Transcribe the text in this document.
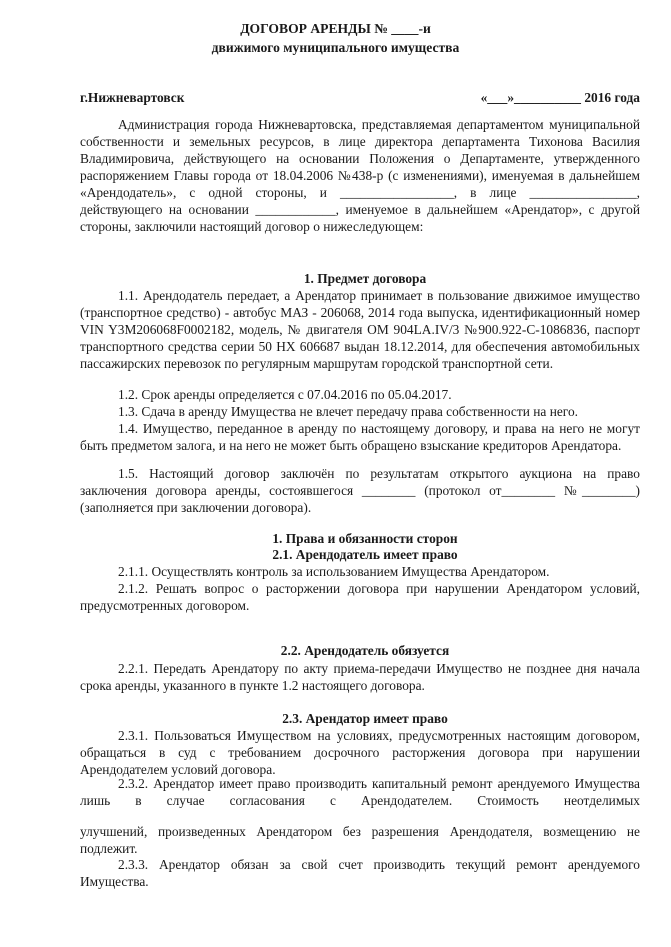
ДОГОВОР АРЕНДЫ № ____-и
движимого муниципального имущества
г.Нижневартовск	«___»__________ 2016 года
Администрация города Нижневартовска, представляемая департаментом муниципальной собственности и земельных ресурсов, в лице директора департамента Тихонова Василия Владимировича, действующего на основании Положения о Департаменте, утвержденного распоряжением Главы города от 18.04.2006 №438-р (с изменениями), именуемая в дальнейшем «Арендодатель», с одной стороны, и _________________, в лице ________________, действующего на основании ____________, именуемое в дальнейшем «Арендатор», с другой стороны, заключили настоящий договор о нижеследующем:
1. Предмет договора
1.1. Арендодатель передает, а Арендатор принимает в пользование движимое имущество (транспортное средство) - автобус МАЗ - 206068, 2014 года выпуска, идентификационный номер VIN Y3M206068F0002182, модель, № двигателя ОМ 904LA.IV/3 №900.922-С-1086836, паспорт транспортного средства серии 50 НХ 606687 выдан 18.12.2014, для обеспечения автомобильных пассажирских перевозок по регулярным маршрутам городской транспортной сети.
1.2. Срок аренды определяется с 07.04.2016 по 05.04.2017.
1.3. Сдача в аренду Имущества не влечет передачу права собственности на него.
1.4. Имущество, переданное в аренду по настоящему договору, и права на него не могут быть предметом залога, и на него не может быть обращено взыскание кредиторов Арендатора.
1.5. Настоящий договор заключён по результатам открытого аукциона на право заключения договора аренды, состоявшегося ________ (протокол от________ №________)(заполняется при заключении договора).
1. Права и обязанности сторон
2.1. Арендодатель имеет право
2.1.1. Осуществлять контроль за использованием Имущества Арендатором.
2.1.2. Решать вопрос о расторжении договора при нарушении Арендатором условий, предусмотренных договором.
2.2. Арендодатель обязуется
2.2.1. Передать Арендатору по акту приема-передачи Имущество не позднее дня начала срока аренды, указанного в пункте 1.2 настоящего договора.
2.3. Арендатор имеет право
2.3.1. Пользоваться Имуществом на условиях, предусмотренных настоящим договором, обращаться в суд с требованием досрочного расторжения договора при нарушении Арендодателем условий договора.
2.3.2. Арендатор имеет право производить капитальный ремонт арендуемого Имущества лишь в случае согласования с Арендодателем. Стоимость неотделимых
улучшений, произведенных Арендатором без разрешения Арендодателя, возмещению не подлежит.
2.3.3. Арендатор обязан за свой счет производить текущий ремонт арендуемого Имущества.
